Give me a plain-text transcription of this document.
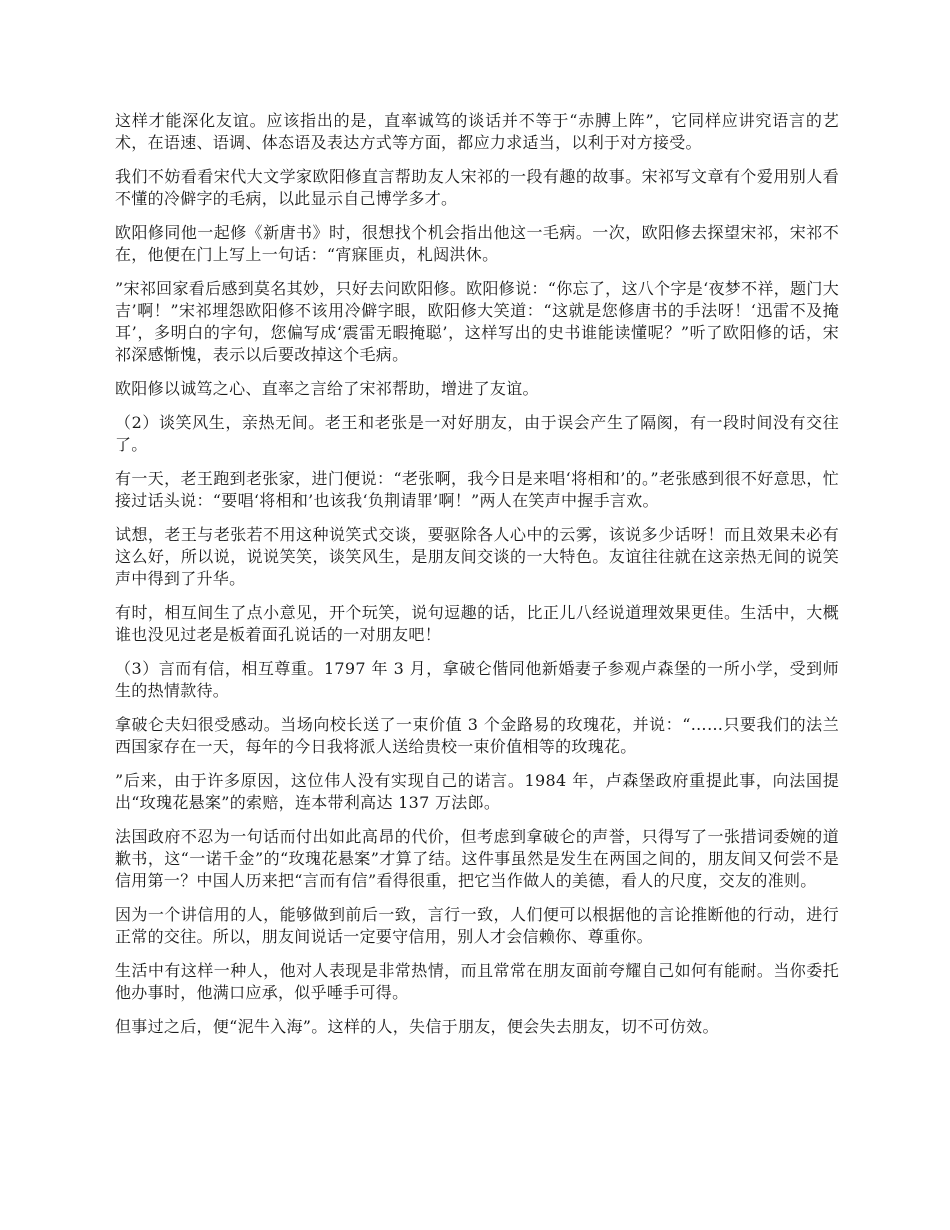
这样才能深化友谊。应该指出的是，直率诚笃的谈话并不等于“赤膊上阵”，它同样应讲究语言的艺术，在语速、语调、体态语及表达方式等方面，都应力求适当，以利于对方接受。

我们不妨看看宋代大文学家欧阳修直言帮助友人宋祁的一段有趣的故事。宋祁写文章有个爱用别人看不懂的冷僻字的毛病，以此显示自己博学多才。

欧阳修同他一起修《新唐书》时，很想找个机会指出他这一毛病。一次，欧阳修去探望宋祁，宋祁不在，他便在门上写上一句话：“宵寐匪贞，札闼洪休。

”宋祁回家看后感到莫名其妙，只好去问欧阳修。欧阳修说：“你忘了，这八个字是‘夜梦不祥，题门大吉’啊！”宋祁埋怨欧阳修不该用冷僻字眼，欧阳修大笑道：“这就是您修唐书的手法呀！‘迅雷不及掩耳’，多明白的字句，您偏写成‘震雷无暇掩聪’，这样写出的史书谁能读懂呢？”听了欧阳修的话，宋祁深感惭愧，表示以后要改掉这个毛病。

欧阳修以诚笃之心、直率之言给了宋祁帮助，增进了友谊。

（2）谈笑风生，亲热无间。老王和老张是一对好朋友，由于误会产生了隔阂，有一段时间没有交往了。

有一天，老王跑到老张家，进门便说：“老张啊，我今日是来唱‘将相和’的。”老张感到很不好意思，忙接过话头说：“要唱‘将相和’也该我‘负荆请罪’啊！”两人在笑声中握手言欢。

试想，老王与老张若不用这种说笑式交谈，要驱除各人心中的云雾，该说多少话呀！而且效果未必有这么好，所以说，说说笑笑，谈笑风生，是朋友间交谈的一大特色。友谊往往就在这亲热无间的说笑声中得到了升华。

有时，相互间生了点小意见，开个玩笑，说句逗趣的话，比正儿八经说道理效果更佳。生活中，大概谁也没见过老是板着面孔说话的一对朋友吧！

（3）言而有信，相互尊重。1797 年 3 月，拿破仑偕同他新婚妻子参观卢森堡的一所小学，受到师生的热情款待。

拿破仑夫妇很受感动。当场向校长送了一束价值 3 个金路易的玫瑰花，并说：“……只要我们的法兰西国家存在一天，每年的今日我将派人送给贵校一束价值相等的玫瑰花。

”后来，由于许多原因，这位伟人没有实现自己的诺言。1984 年，卢森堡政府重提此事，向法国提出“玫瑰花悬案”的索赔，连本带利高达 137 万法郎。

法国政府不忍为一句话而付出如此高昂的代价，但考虑到拿破仑的声誉，只得写了一张措词委婉的道歉书，这“一诺千金”的“玫瑰花悬案”才算了结。这件事虽然是发生在两国之间的，朋友间又何尝不是信用第一？中国人历来把“言而有信”看得很重，把它当作做人的美德，看人的尺度，交友的准则。

因为一个讲信用的人，能够做到前后一致，言行一致，人们便可以根据他的言论推断他的行动，进行正常的交往。所以，朋友间说话一定要守信用，别人才会信赖你、尊重你。

生活中有这样一种人，他对人表现是非常热情，而且常常在朋友面前夸耀自己如何有能耐。当你委托他办事时，他满口应承，似乎唾手可得。

但事过之后，便“泥牛入海”。这样的人，失信于朋友，便会失去朋友，切不可仿效。
